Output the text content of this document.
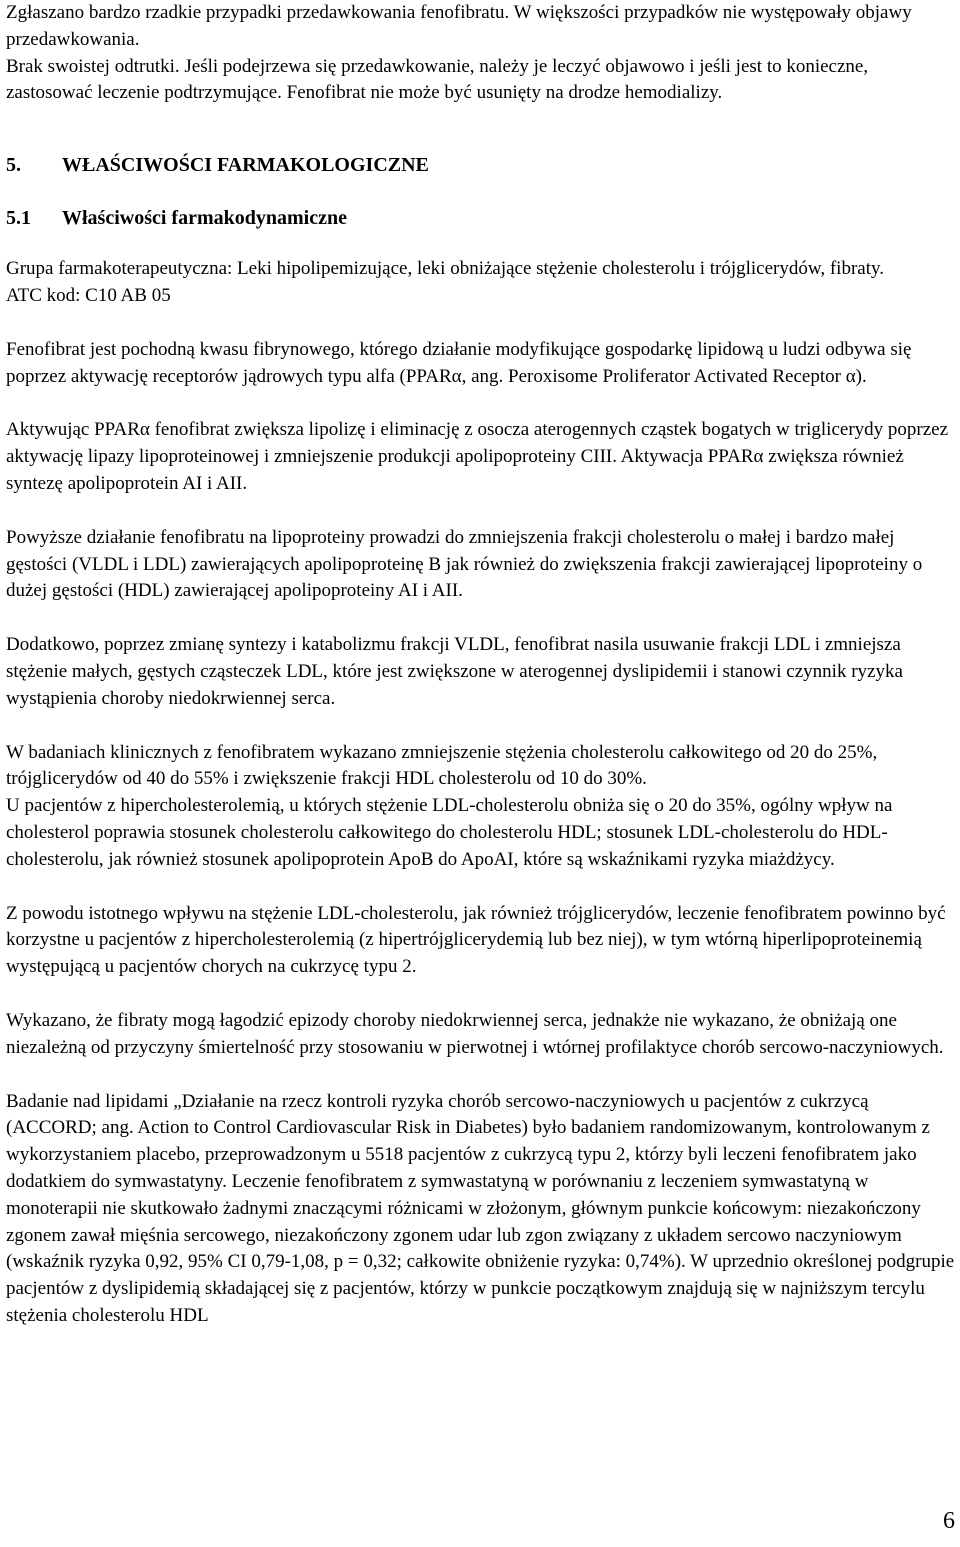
Zgłaszano bardzo rzadkie przypadki przedawkowania fenofibratu. W większości przypadków nie występowały objawy przedawkowania.

Brak swoistej odtrutki. Jeśli podejrzewa się przedawkowanie, należy je leczyć objawowo i jeśli jest to konieczne, zastosować leczenie podtrzymujące. Fenofibrat nie może być usunięty na drodze hemodializy.

5. WŁAŚCIWOŚCI FARMAKOLOGICZNE

5.1 Właściwości farmakodynamiczne

Grupa farmakoterapeutyczna: Leki hipolipemizujące, leki obniżające stężenie cholesterolu i trójglicerydów, fibraty.

ATC kod: C10 AB 05

Fenofibrat jest pochodną kwasu fibrynowego, którego działanie modyfikujące gospodarkę lipidową u ludzi odbywa się poprzez aktywację receptorów jądrowych typu alfa (PPARα, ang. Peroxisome Proliferator Activated Receptor α).

Aktywując PPARα fenofibrat zwiększa lipolizę i eliminację z osocza aterogennych cząstek bogatych w triglicerydy poprzez aktywację lipazy lipoproteinowej i zmniejszenie produkcji apolipoproteiny CIII. Aktywacja PPARα zwiększa również syntezę apolipoprotein AI i AII.

Powyższe działanie fenofibratu na lipoproteiny prowadzi do zmniejszenia frakcji cholesterolu o małej i bardzo małej gęstości (VLDL i LDL) zawierających apolipoproteinę B jak również do zwiększenia frakcji zawierającej lipoproteiny o dużej gęstości (HDL) zawierającej apolipoproteiny AI i AII.

Dodatkowo, poprzez zmianę syntezy i katabolizmu frakcji VLDL, fenofibrat nasila usuwanie frakcji LDL i zmniejsza stężenie małych, gęstych cząsteczek LDL, które jest zwiększone w aterogennej dyslipidemii i stanowi czynnik ryzyka wystąpienia choroby niedokrwiennej serca.

W badaniach klinicznych z fenofibratem wykazano zmniejszenie stężenia cholesterolu całkowitego od 20 do 25%, trójglicerydów od 40 do 55% i zwiększenie frakcji HDL cholesterolu od 10 do 30%.

U pacjentów z hipercholesterolemią, u których stężenie LDL-cholesterolu obniża się o 20 do 35%, ogólny wpływ na cholesterol poprawia stosunek cholesterolu całkowitego do cholesterolu HDL; stosunek LDL-cholesterolu do HDL-cholesterolu, jak również stosunek apolipoprotein ApoB do ApoAI, które są wskaźnikami ryzyka miażdżycy.

Z powodu istotnego wpływu na stężenie LDL-cholesterolu, jak również trójglicerydów, leczenie fenofibratem powinno być korzystne u pacjentów z hipercholesterolemią (z hipertrójglicerydemią lub bez niej), w tym wtórną hiperlipoproteinemią występującą u pacjentów chorych na cukrzycę typu 2.

Wykazano, że fibraty mogą łagodzić epizody choroby niedokrwiennej serca, jednakże nie wykazano, że obniżają one niezależną od przyczyny śmiertelność przy stosowaniu w pierwotnej i wtórnej profilaktyce chorób sercowo-naczyniowych.

Badanie nad lipidami „Działanie na rzecz kontroli ryzyka chorób sercowo-naczyniowych u pacjentów z cukrzycą (ACCORD; ang. Action to Control Cardiovascular Risk in Diabetes) było badaniem randomizowanym, kontrolowanym z wykorzystaniem placebo, przeprowadzonym u 5518 pacjentów z cukrzycą typu 2, którzy byli leczeni fenofibratem jako dodatkiem do symwastatyny. Leczenie fenofibratem z symwastatyną w porównaniu z leczeniem symwastatyną w monoterapii nie skutkowało żadnymi znaczącymi różnicami w złożonym, głównym punkcie końcowym: niezakończony zgonem zawał mięśnia sercowego, niezakończony zgonem udar lub zgon związany z układem sercowo naczyniowym (wskaźnik ryzyka 0,92, 95% CI 0,79-1,08, p = 0,32; całkowite obniżenie ryzyka: 0,74%). W uprzednio określonej podgrupie pacjentów z dyslipidemią składającej się z pacjentów, którzy w punkcie początkowym znajdują się w najniższym tercylu stężenia cholesterolu HDL

6
